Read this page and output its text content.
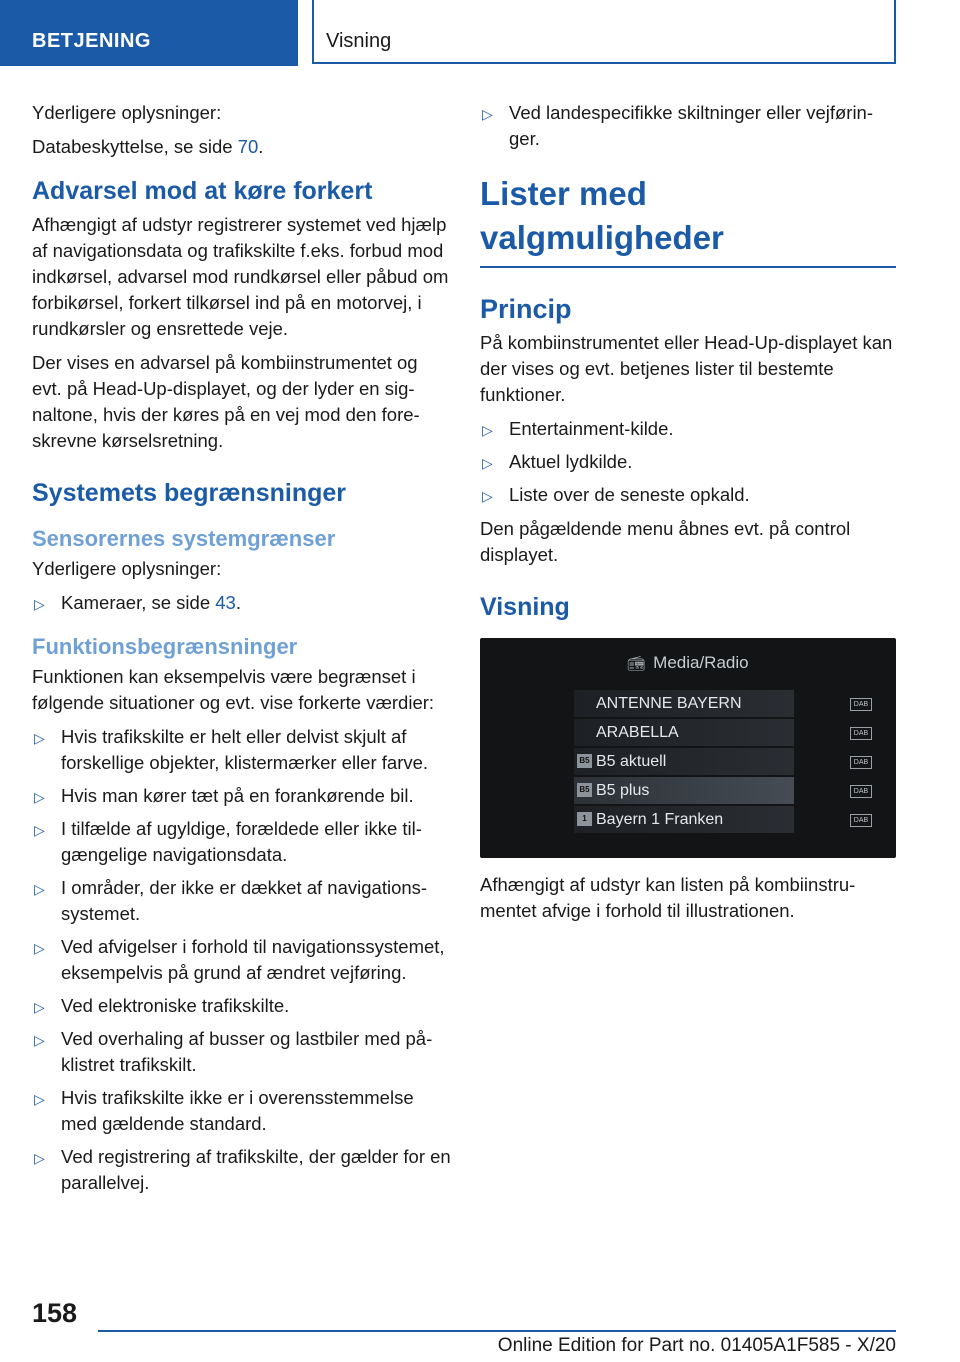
BETJENING	Visning

Yderligere oplysninger:

Databeskyttelse, se side 70.

Advarsel mod at køre forkert

Afhængigt af udstyr registrerer systemet ved hjælp af navigationsdata og trafikskilte f.eks. forbud mod indkørsel, advarsel mod rundkørsel eller påbud om forbikørsel, forkert tilkørsel ind på en motorvej, i rundkørsler og ensrettede veje.

Der vises en advarsel på kombiinstrumentet og evt. på Head-Up-displayet, og der lyder en signaltone, hvis der køres på en vej mod den foreskrevne kørselsretning.

Systemets begrænsninger
Sensorernes systemgrænser

Yderligere oplysninger:

▷ Kameraer, se side 43.
Funktionsbegrænsninger

Funktionen kan eksempelvis være begrænset i følgende situationer og evt. vise forkerte værdier:

▷ Hvis trafikskilte er helt eller delvist skjult af forskellige objekter, klistermærker eller farve.
▷ Hvis man kører tæt på en forankørende bil.
▷ I tilfælde af ugyldige, forældede eller ikke tilgængelige navigationsdata.
▷ I områder, der ikke er dækket af navigationssystemet.
▷ Ved afvigelser i forhold til navigationssystemet, eksempelvis på grund af ændret vejføring.
▷ Ved elektroniske trafikskilte.
▷ Ved overhaling af busser og lastbiler med påklistret trafikskilt.
▷ Hvis trafikskilte ikke er i overensstemmelse med gældende standard.
▷ Ved registrering af trafikskilte, der gælder for en parallelvej.
▷ Ved landespecifikke skiltninger eller vejføringer.
Lister med valgmuligheder
Princip

På kombiinstrumentet eller Head-Up-displayet kan der vises og evt. betjenes lister til bestemte funktioner.

▷ Entertainment-kilde.
▷ Aktuel lydkilde.
▷ Liste over de seneste opkald.

Den pågældende menu åbnes evt. på control displayet.

Visning
📻︎ Media/Radio
ANTENNE BAYERN	DAB
ARABELLA	DAB
B5 B5 aktuell	DAB
B5 B5 plus	DAB
1 Bayern 1 Franken	DAB

Afhængigt af udstyr kan listen på kombiinstrumentet afvige i forhold til illustrationen.

158
Online Edition for Part no. 01405A1F585 - X/20
